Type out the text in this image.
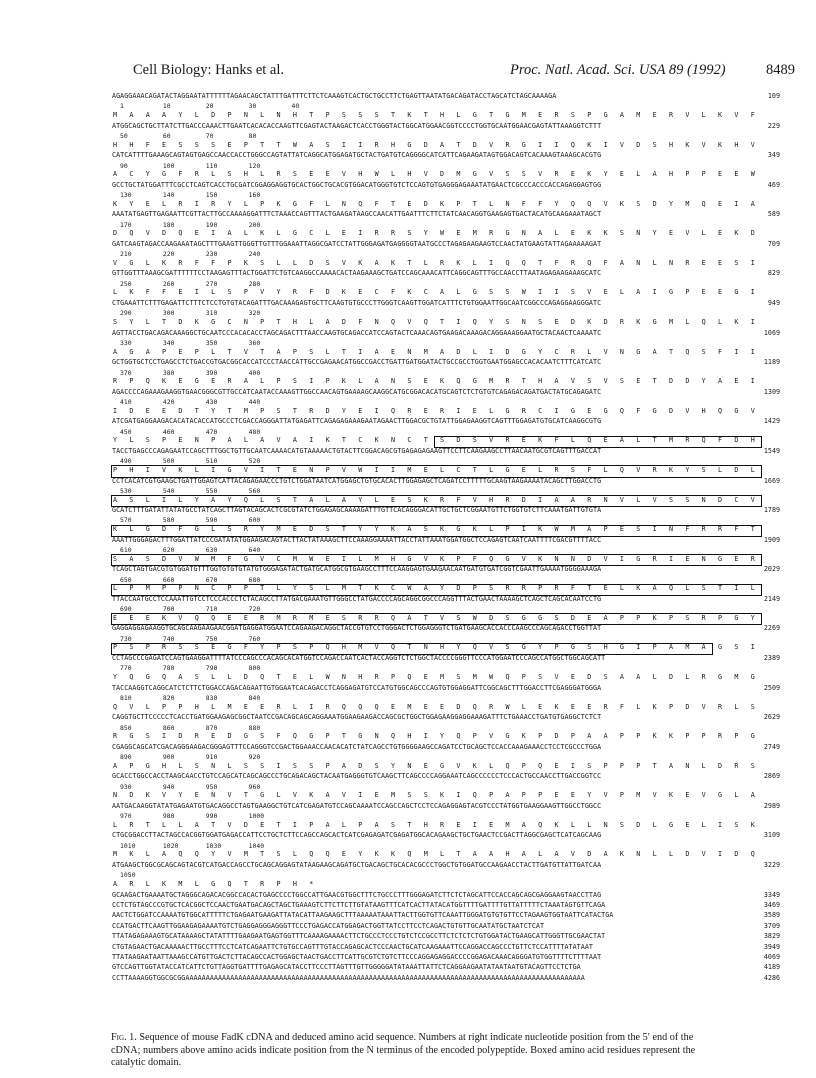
Cell Biology: Hanks et al.	Proc. Natl. Acad. Sci. USA 89 (1992)	8489
AGAGGAAACAGATACTAGGAATATTTTTTAGAACAGCTATTTGATTTCTTCTCAAAGTCACTGCTGCCTTCTGAGTTAATATGACAGATACCTAGCATCTAGCAAAAGA	109
1          10         20         30         40
M A A A Y L D P N L N H T P S S S T K T H L G T G M E R S P G A M E R V L K V F
ATGGCAGCTGCTTATCTTGACCCAAACTTGAATCACACACCAAGTTCGAGTACTAAGACTCACCTGGGTACTGGCATGGAACGGTCCCCTGGTGCAATGGAACGAGTATTAAAGGTCTTT	229
50         60         70         80
H H F E S S S E P T T W A S I I R H G D A T D V R G I I Q K I V D S H K V K H V
CATCATTTTGAAAGCAGTAGTGAGCCAACCACCTGGGCCAGTATTATCAGGCATGGAGATGCTACTGATGTCAGGGGCATCATTCAGAAGATAGTGGACAGTCACAAAGTAAAGCACGTG	349
90         100        110        120
A C Y G F R L S H L R S E E V H W L H V D M G V S S V R E K Y E L A H P P E E W
GCCTGCTATGGATTTCGCCTCAGTCACCTGCGATCGGAGGAGGTGCACTGGCTGCACGTGGACATGGGTGTCTCCAGTGTGAGGGAGAAATATGAACTCGCCCACCCACCAGAGGAGTGG	469
130        140        150        160
K Y E L R I R Y L P K G F L N Q F T E D K P T L N F F Y Q Q V K S D Y M Q E I A
AAATATGAGTTGAGAATTCGTTACTTGCCAAAAGGATTTCTAAACCAGTTTACTGAAGATAAGCCAACATTGAATTTCTTCTATCAACAGGTGAAGAGTGACTACATGCAAGAAATAGCT	589
170        180        190        200
D Q V D Q E I A L K L G C L E I R R S Y W E M R G N A L E K K S N Y E V L E K D
GATCAAGTAGACCAAGAAATAGCTTTGAAGTTGGGTTGTTTGGAAATTAGGCGATCCTATTGGGAGATGAGGGGTAATGCCCTAGAGAAGAAGTCCAACTATGAAGTATTAGAAAAAGAT	709
210        220        230        240
V G L K R F F P K S L L D S V K A K T L R K L I Q Q T F R Q F A N L N R E E S I
GTTGGTTTAAAGCGATTTTTTCCTAAGAGTTTACTGGATTCTGTCAAGGCCAAAACACTAAGAAAGCTGATCCAGCAAACATTCAGGCAGTTTGCCAACCTTAATAGAGAAGAAAGCATC	829
250        260        270        280
L K F F E I L S P V Y R F D K E C F K C A L G S S W I I S V E L A I G P E E G I
CTGAAATTCTTTGAGATTCTTTCTCCTGTGTACAGATTTGACAAAGAGTGCTTCAAGTGTGCCCTTGGGTCAAGTTGGATCATTTCTGTGGAATTGGCAATCGGCCCAGAGGAAGGGATC	949
290        300        310        320
S Y L T D K G C N P T H L A D F N Q V Q T I Q Y S N S E D K D R K G M L Q L K I
AGTTACCTGACAGACAAAGGCTGCAATCCCACACACCTAGCAGACTTTAACCAAGTGCAGACCATCCAGTACTCAAACAGTGAAGACAAAGACAGGAAAGGAATGCTACAACTCAAAATC	1069
330        340        350        360
A G A P E P L T V T A P S L T I A E N M A D L I D G Y C R L V N G A T Q S F I I
GCTGGTGCTCCTGAGCCTCTGACCGTGACGGCACCATCCCTAACCATTGCCGAGAACATGGCCGACCTGATTGATGGATACTGCCGCCTGGTGAATGGAGCCACACAATCTTTCATCATC	1189
370        380        390        400
R P Q K E G E R A L P S I P K L A N S E K Q G M R T H A V S V S E T D D Y A E I
AGACCCCAGAAAGAAGGTGAACGGGCGTTGCCATCAATACCAAAGTTGGCCAACAGTGAAAAGCAAGGCATGCGGACACATGCAGTCTCTGTGTCAGAGACAGATGACTATGCAGAGATC	1309
410        420        430        440
I D E E D T Y T M P S T R D Y E I Q R E R I E L G R C I G E G Q F G D V H Q G V
ATCGATGAGGAAGACACATACACCATGCCCTCGACCAGGGATTATGAGATTCAGAGAGAAAGAATAGAACTTGGACGCTGTATTGGAGAAGGTCAGTTTGGAGATGTGCATCAAGGCGTG	1429
450        460        470        480
Y L S P E N P A L A V A I K T C K N C T S D S V R E K F L Q E A L T M R Q F D H
TACCTGAGCCCAGAGAATCCAGCTTTGGCTGTTGCAATCAAAACATGTAAAAACTGTACTTCGGACAGCGTGAGAGAGAAGTTCCTTCAAGAAGCCTTAACAATGCGTCAGTTTGACCAT	1549
490        500        510        520
P H I V K L I G V I T E N P V W I I M E L C T L G E L R S F L Q V R K Y S L D L
CCTCACATCGTGAAGCTGATTGGAGTCATTACAGAGAACCCTGTCTGGATAATCATGGAGCTGTGCACACTTGGAGAGCTCAGATCCTTTTTGCAAGTAAGAAAATACAGCTTGGACCTG	1669
530        540        550        560
A S L I L Y A Y Q L S T A L A Y L E S K R F V H R D I A A R N V L V S S N D C V
GCATCTTTGATATTATATGCCTATCAGCTTAGTACAGCACTCGCGTATCTGGAGAGCAAAAGATTTGTTCACAGGGACATTGCTGCTCGGAATGTTCTGGTGTCTTCAAATGATTGTGTA	1789
570        580        590        600
K L G D F G L S R Y M E D S T Y Y K A S K G K L P I K W M A P E S I N F R R F T
AAATTGGGAGACTTTGGATTATCCCGATATATGGAAGACAGTACTTACTATAAAGCTTCCAAAGGAAAATTACCTATTAAATGGATGGCTCCAGAGTCAATCAATTTTCGACGTTTTACC	1909
610        620        630        640
S A S D V W M F G V C M W E I L M H G V K P F Q G V K N N D V I G R I E N G E R
TCAGCTAGTGACGTGTGGATGTTTGGTGTGTGTATGTGGGAGATACTGATGCATGGCGTGAAGCCTTTCCAAGGAGTGAAGAACAATGATGTGATCGGTCGAATTGAAAATGGGGAAAGA	2029
650        660        670        680
L P M P P N C P P T L Y S L M T K C W A Y D P S R R P R F T E L K A Q L S T I L
TTACCAATGCCTCCAAATTGTCCTCCCACCCTCTACAGCCTTATGACGAAATGTTGGGCCTATGACCCCAGCAGGCGGCCCAGGTTTACTGAACTAAAAGCTCAGCTCAGCACAATCCTG	2149
690        700        710        720
E E E K V Q Q E E R M R M E S R R Q A T V S W D S G G S D E A P P K P S R P G Y
GAGGAGGAGAAGGTGCAGCAAGAAGAACGGATGAGGATGGAATCCAGAAGACAGGCTACCGTGTCCTGGGACTCTGGAGGGTCTGATGAAGCACCACCCAAGCCCAGCAGACCTGGTTAT	2269
730        740        750        760
P S P R S S E G F Y P S P Q H M V Q T N H Y Q V S G Y P G S H G I P A M A G S I
CCTAGCCCGAGATCCAGTGAAGGATTTTATCCCAGCCCACAGCACATGGTCCAGACCAATCACTACCAGGTCTCTGGCTACCCCGGGTTCCCATGGAATCCCAGCCATGGCTGGCAGCATT	2389
770        780        790        800
Y Q G Q A S L L D Q T E L W N H R P Q E M S M W Q P S V E D S A A L D L R G M G
TACCAAGGTCAGGCATCTCTTCTGGACCAGACAGAATTGTGGAATCACAGACCTCAGGAGATGTCCATGTGGCAGCCCAGTGTGGAGGATTCGGCAGCTTTGGACCTTCGAGGGATGGGA	2509
810        820        830        840
Q V L P P H L M E E R L I R Q Q Q E M E E D Q R W L E K E E R F L K P D V R L S
CAGGTGCTTCCCCCTCACCTGATGGAAGAGCGGCTAATCCGACAGCAGCAGGAAATGGAAGAAGACCAGCGCTGGCTGGAGAAGGAGGAAAGATTTCTGAAACCTGATGTGAGGCTCTCT	2629
850        860        870        880
R G S I D R E D G S F Q G P T G N Q H I Y Q P V G K P D P A A P P K K P P R P G
CGAGGCAGCATCGACAGGGAAGACGGGAGTTTCCAGGGTCCGACTGGAAACCAACACATCTATCAGCCTGTGGGGAAGCCAGATCCTGCAGCTCCACCAAAGAAACCTCCTCGCCCTGGA	2749
890        900        910        920
A P G H L S N L S S I S S P A D S Y N E G V K L Q P Q E I S P P P T A N L D R S
GCACCTGGCCACCTAAGCAACCTGTCCAGCATCAGCAGCCCTGCAGACAGCTACAATGAGGGTGTCAAGCTTCAGCCCCAGGAAATCAGCCCCCCTCCCACTGCCAACCTTGACCGGTCC	2869
930        940        950        960
N D K V Y E N V T G L V K A V I E M S S K I Q P A P P E E Y V P M V K E V G L A
AATGACAAGGTATATGAGAATGTGACAGGCCTAGTGAAGGCTGTCATCGAGATGTCCAGCAAAATCCAGCCAGCTCCTCCAGAGGAGTACGTCCCTATGGTGAAGGAAGTTGGCCTGGCC	2989
970        980        990        1000
L R T L L A T V D E T I P A L P A S T H R E I E M A Q K L L N S D L G E L I S K
CTGCGGACCTTACTAGCCACGGTGGATGAGACCATTCCTGCTCTTCCAGCCAGCACTCATCGAGAGATCGAGATGGCACAGAAGCTGCTGAACTCCGACTTAGGCGAGCTCATCAGCAAG	3109
1010       1020       1030       1040
M K L A Q Q Y V M T S L Q Q E Y K K Q M L T A A H A L A V D A K N L L D V I D Q
ATGAAGCTGGCGCAGCAGTACGTCATGACCAGCCTGCAGCAGGAGTATAAGAAGCAGATGCTGACAGCTGCACACGCCCTGGCTGTGGATGCCAAGAACCTACTTGATGTTATTGATCAA	3229
1050
A R L K M L G Q T R P H *
GCAAGACTGAAAATGCTAGGGCAGACACGGCCACACTGAGCCCCTGGCCATTGAACGTGGCTTTCTGCCCTTTGGGAGATCTTCTCTAGCATTCCACCAGCAGCGAGGAAGTAACCTTAG	3349
CCTCTGTAGCCCGTGCTCACGGCTCCAACTGAATGACAGCTAGCTGAAAGTCTTCTTCTTGTATAAGTTTCATCACTTATACATGGTTTTGATTTTGTTATTTTTCTAAATAGTGTTCAGA	3469
AACTCTGGATCCAAAATGTGGCATTTTTCTGAGAATGAAGATTATACATTAAGAAGCTTTAAAAATAAATTACTTGGTGTTCAAATTGGGATGTGTGTTCCTAGAAGTGGTAATTCATACTGA	3589
CCATGACTTCAAGTTGGAAGAGAAAATGTCTGAGGAGGGAGGGTTCCCTGAGACCATGGAGACTGGTTATCCTTCCTCAGACTGTGTTGCAATATGCTAATCTCAT	3709
TTATAGAGAAAGTGCATAAAAGCTATATTTTGAAGAATGAGTGGTTTCAAAAGAAAACTTCTGCCCTCCCTGTCTCCGCCTTCTCTCTCTGTGGATACTGAAGCATTGGGTTGCGAACTAT	3829
CTGTAGAACTGACAAAAACTTGCCTTTCCTCATCAGAATTCTGTGCCAGTTTGTACCAGAGCACTCCCAACTGCATCAAGAAATTCCAGGACCAGCCCTGTTCTCCATTTTATATAAT	3949
TTATAAGAATAATTAAAGCCATGTTGACTCTTACAGCCACTGGAGCTAACTGACCTTCATTGCGTCTGTCTTCCCAGGAGAGGACCCCGGAGACAAACAGGGATGTGGTTTTCTTTTAAT	4069
GTCCAGTTGGTATACCATCATTCTGTTAGGTGATTTTGAGAGCATACCTTCCCTTAGTTTGTTGGGGGATATAAATTATTCTCAGGAAGAATATAATAATGTACAGTTCCTCTGA	4189
CCTTAAAAGGTGGCGCGGAAAAAAAAAAAAAAAAAAAAAAAAAAAAAAAAAAAAAAAAAAAAAAAAAAAAAAAAAAAAAAAAAAAAAAAAAAAAAAAAAAAAAAAAAAAAAAAAAA	4286
Fig. 1. Sequence of mouse FadK cDNA and deduced amino acid sequence. Numbers at right indicate nucleotide position from the 5′ end of the cDNA; numbers above amino acids indicate position from the N terminus of the encoded polypeptide. Boxed amino acid residues represent the catalytic domain.
